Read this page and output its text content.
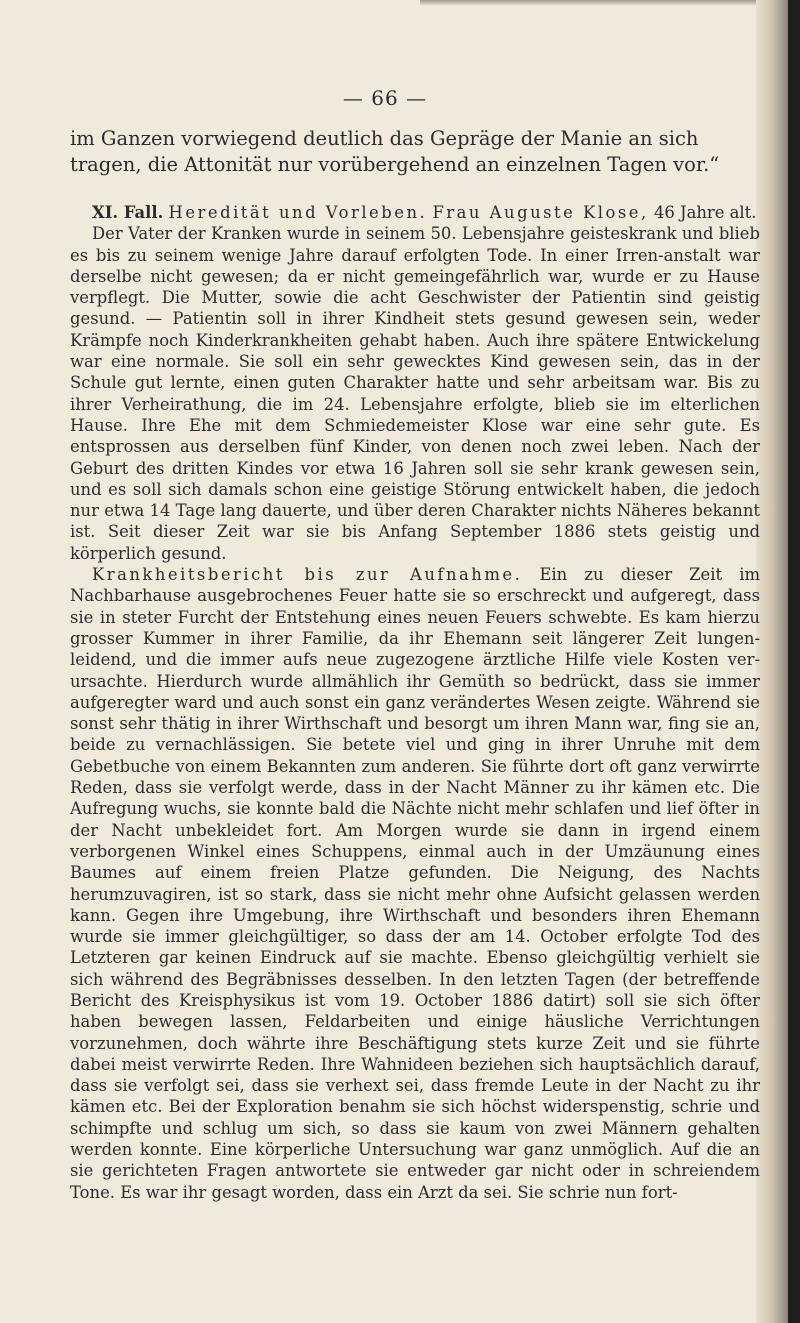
— 66 —

im Ganzen vorwiegend deutlich das Gepräge der Manie an sich tragen, die Attonität nur vorübergehend an einzelnen Tagen vor.“

XI. Fall. Heredität und Vorleben. Frau Auguste Klose, 46 Jahre alt.

Der Vater der Kranken wurde in seinem 50. Lebensjahre geisteskrank und blieb es bis zu seinem wenige Jahre darauf erfolgten Tode. In einer Irren-anstalt war derselbe nicht gewesen; da er nicht gemeingefährlich war, wurde er zu Hause verpflegt. Die Mutter, sowie die acht Geschwister der Patientin sind geistig gesund. — Patientin soll in ihrer Kindheit stets gesund gewesen sein, weder Krämpfe noch Kinderkrankheiten gehabt haben. Auch ihre spätere Entwickelung war eine normale. Sie soll ein sehr gewecktes Kind gewesen sein, das in der Schule gut lernte, einen guten Charakter hatte und sehr arbeitsam war. Bis zu ihrer Verheirathung, die im 24. Lebensjahre erfolgte, blieb sie im elterlichen Hause. Ihre Ehe mit dem Schmiedemeister Klose war eine sehr gute. Es entsprossen aus derselben fünf Kinder, von denen noch zwei leben. Nach der Geburt des dritten Kindes vor etwa 16 Jahren soll sie sehr krank gewesen sein, und es soll sich damals schon eine geistige Störung entwickelt haben, die jedoch nur etwa 14 Tage lang dauerte, und über deren Charakter nichts Näheres bekannt ist. Seit dieser Zeit war sie bis Anfang September 1886 stets geistig und körperlich gesund.

Krankheitsbericht bis zur Aufnahme. Ein zu dieser Zeit im Nachbarhause ausgebrochenes Feuer hatte sie so erschreckt und aufgeregt, dass sie in steter Furcht der Entstehung eines neuen Feuers schwebte. Es kam hierzu grosser Kummer in ihrer Familie, da ihr Ehemann seit längerer Zeit lungen-leidend, und die immer aufs neue zugezogene ärztliche Hilfe viele Kosten ver-ursachte. Hierdurch wurde allmählich ihr Gemüth so bedrückt, dass sie immer aufgeregter ward und auch sonst ein ganz verändertes Wesen zeigte. Während sie sonst sehr thätig in ihrer Wirthschaft und besorgt um ihren Mann war, fing sie an, beide zu vernachlässigen. Sie betete viel und ging in ihrer Unruhe mit dem Gebetbuche von einem Bekannten zum anderen. Sie führte dort oft ganz verwirrte Reden, dass sie verfolgt werde, dass in der Nacht Männer zu ihr kämen etc. Die Aufregung wuchs, sie konnte bald die Nächte nicht mehr schlafen und lief öfter in der Nacht unbekleidet fort. Am Morgen wurde sie dann in irgend einem verborgenen Winkel eines Schuppens, einmal auch in der Umzäunung eines Baumes auf einem freien Platze gefunden. Die Neigung, des Nachts herumzuvagiren, ist so stark, dass sie nicht mehr ohne Aufsicht gelassen werden kann. Gegen ihre Umgebung, ihre Wirthschaft und besonders ihren Ehemann wurde sie immer gleichgültiger, so dass der am 14. October erfolgte Tod des Letzteren gar keinen Eindruck auf sie machte. Ebenso gleichgültig verhielt sie sich während des Begräbnisses desselben. In den letzten Tagen (der betreffende Bericht des Kreisphysikus ist vom 19. October 1886 datirt) soll sie sich öfter haben bewegen lassen, Feldarbeiten und einige häusliche Verrichtungen vorzunehmen, doch währte ihre Beschäftigung stets kurze Zeit und sie führte dabei meist verwirrte Reden. Ihre Wahnideen beziehen sich hauptsächlich darauf, dass sie verfolgt sei, dass sie verhext sei, dass fremde Leute in der Nacht zu ihr kämen etc. Bei der Exploration benahm sie sich höchst widerspenstig, schrie und schimpfte und schlug um sich, so dass sie kaum von zwei Männern gehalten werden konnte. Eine körperliche Untersuchung war ganz unmöglich. Auf die an sie gerichteten Fragen antwortete sie entweder gar nicht oder in schreiendem Tone. Es war ihr gesagt worden, dass ein Arzt da sei. Sie schrie nun fort-
